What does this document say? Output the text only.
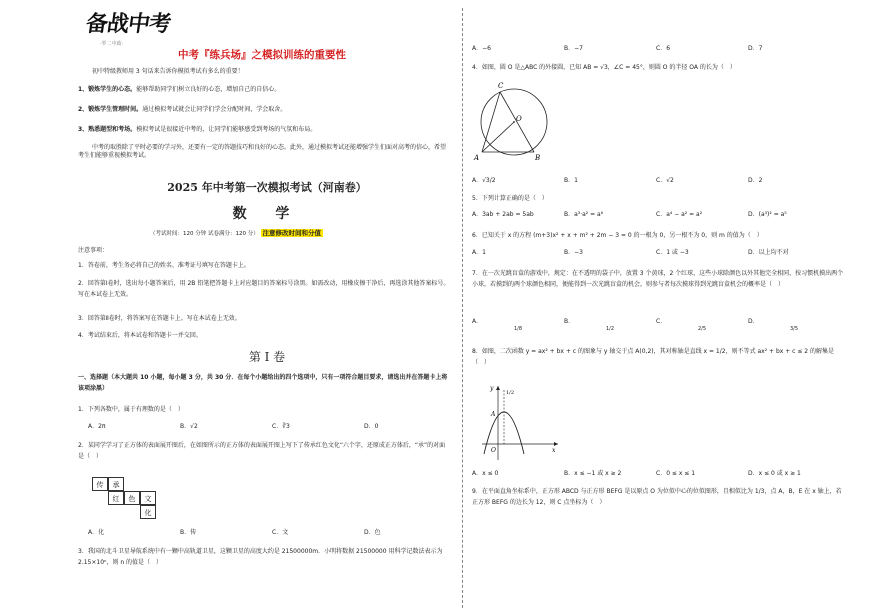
备战中考
·罗二中政·
中考『练兵场』之模拟训练的重要性
初中特级教师用 3 句话来告诉你模拟考试有多么的重要！
1、锻炼学生的心态。能够帮助同学们树立良好的心态，增加自己的自信心。
2、锻炼学生管理时间。通过模拟考试就会让同学们学会分配时间，学会取舍。
3、熟悉题型和考场。模拟考试是很接近中考的，让同学们能够感受到考场的气氛和布局。
中考的取胜除了平时必要的学习外，还要有一定的答题技巧和良好的心态。此外，通过模拟考试还能增强学生们面对高考的信心，希望考生们能够重视模拟考试。
2025 年中考第一次模拟考试（河南卷）
数 学
（考试时间：120 分钟 试卷满分：120 分） 注意修改时间和分值
注意事项：
1．答卷前，考生务必将自己的姓名、准考证号填写在答题卡上。
2．回答第Ⅰ卷时，选出每小题答案后，用 2B 铅笔把答题卡上对应题目的答案标号涂黑。如需改动，用橡皮擦干净后，再选涂其他答案标号。写在本试卷上无效。
3．回答第Ⅱ卷时，将答案写在答题卡上。写在本试卷上无效。
4．考试结束后，将本试卷和答题卡一并交回。
第 I 卷
一、选择题（本大题共 10 小题，每小题 3 分，共 30 分．在每个小题给出的四个选项中，只有一项符合题目要求，请选出并在答题卡上将该项涂黑）
1．下列各数中，属于有理数的是（　）
A．2π	B．√2	C．∛3	D．0
2．某同学学习了正方体的表面展开图后，在如图所示的正方体的表面展开图上写下了传承红色文化“六个字，还原成正方体后，“承”的对面是（　）
传	承
红	色	文
化
A．化	B．传	C．文	D．色
3．我国的北斗卫星导航系统中有一颗中高轨道卫星，这颗卫星的高度大约是 21500000m．小明将数据 21500000 用科学记数法表示为 2.15×10ⁿ，则 n 的值是（　）
A．−6	B．−7	C．6	D．7
4．如图，圆 O 是△ABC 的外接圆，已知 AB = √3，∠C = 45°，则圆 O 的半径 OA 的长为（　）
C
O
A	B
A．√3/2	B．1	C．√2	D．2
5．下列计算正确的是（　）
A．3ab + 2ab = 5ab	B．a³·a² = a⁶	C．a⁴ − a² = a²	D．(a³)² = a⁵
6．已知关于 x 的方程 (m+3)x² + x + m² + 2m − 3 = 0 的一根为 0，另一根不为 0，则 m 的值为（　）
A．1	B．−3	C．1 或 −3	D．以上均不对
7．在一次光跳盲盒的游戏中，规定：在不透明的袋子中，放置 3 个黄球，2 个红球，这些小球除颜色以外其他完全相同，按习惯机摸出两个小球，若摸到的两个球颜色相同，便能得到一次光跳盲盒的机会，则参与者每次摸球得到光跳盲盒机会的概率是（　）
A．1/8
B．1/2
C．2/5
D．3/5
8．如图，二次函数 y = ax² + bx + c 的图象与 y 轴交于点 A(0,2)，其对称轴是直线 x = 1/2，则不等式 ax² + bx + c ≤ 2 的解集是（　）
x
y
O
A
1/2
A．x ≤ 0	B．x ≤ −1 或 x ≥ 2	C．0 ≤ x ≤ 1	D．x ≤ 0 或 x ≥ 1
9．在平面直角坐标系中，正方形 ABCD 与正方形 BEFG 是以原点 O 为位似中心的位似图形，且相似比为 1/3，点 A，B，E 在 x 轴上，若正方形 BEFG 的边长为 12，则 C 点坐标为（　）
